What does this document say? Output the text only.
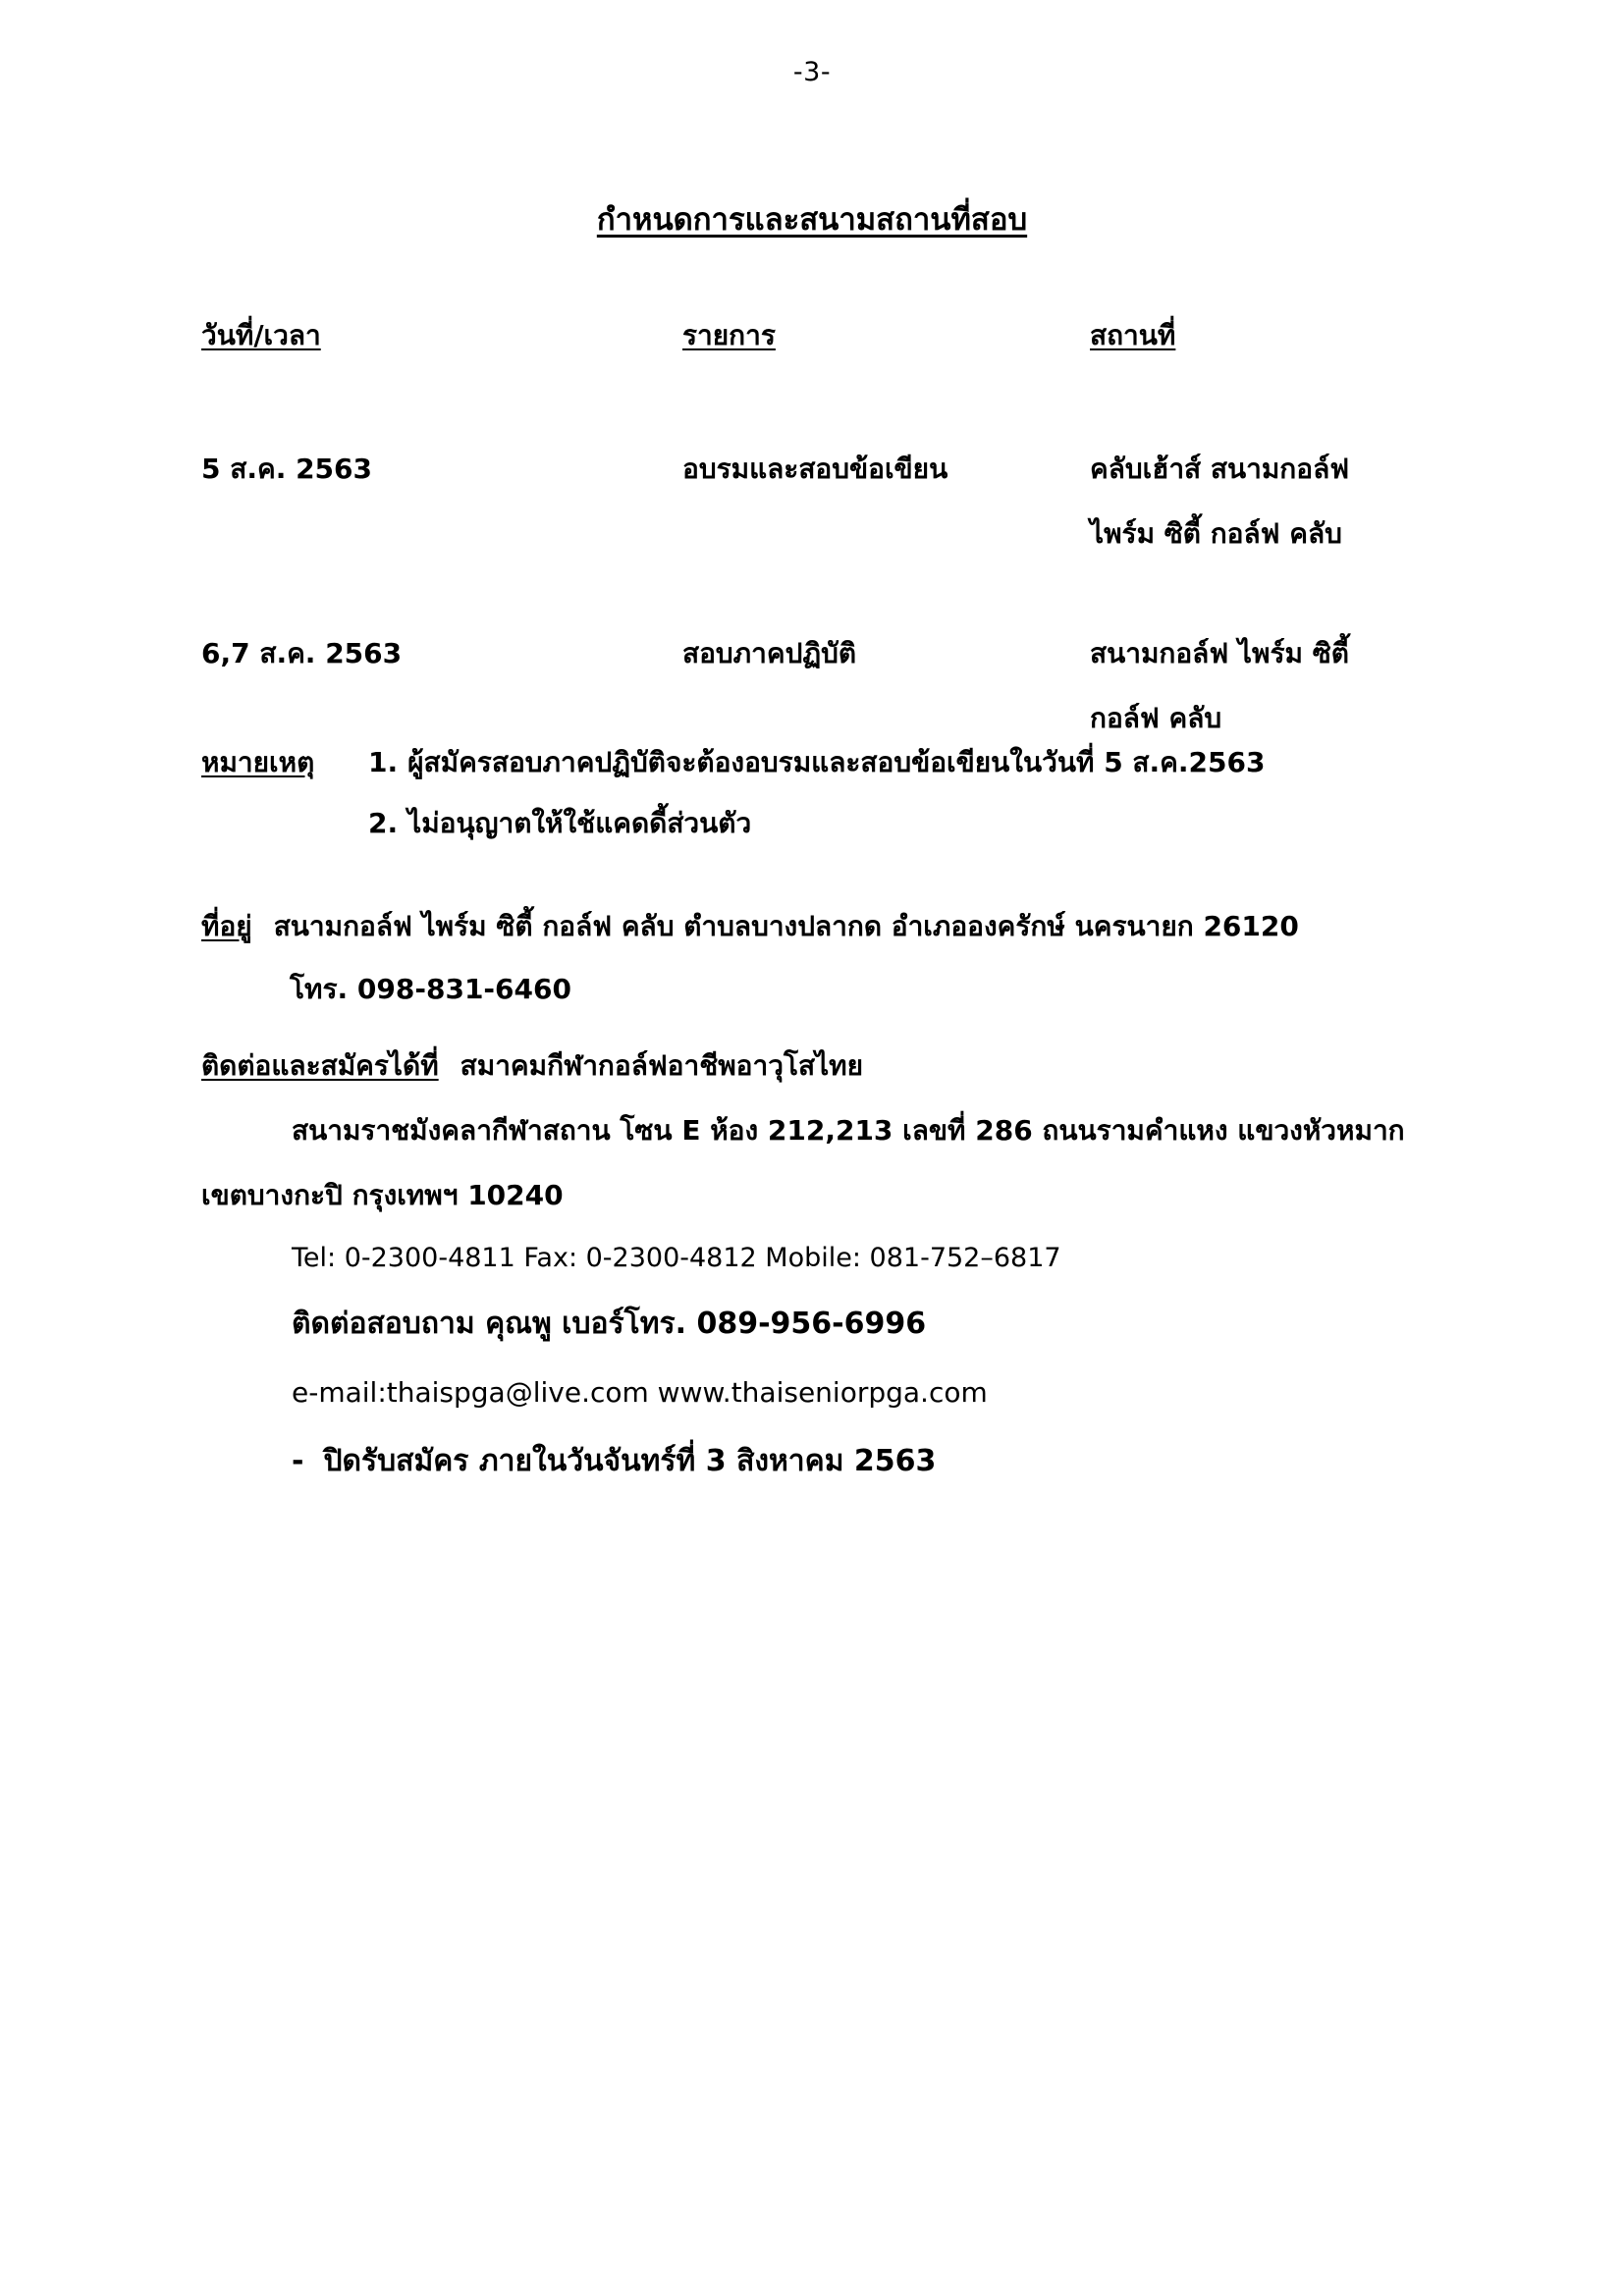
-3-
กำหนดการและสนามสถานที่สอบ
วันที่/เวลา	รายการ	สถานที่
5 ส.ค. 2563	อบรมและสอบข้อเขียน	คลับเฮ้าส์ สนามกอล์ฟ
ไพร์ม ซิตี้ กอล์ฟ คลับ
6,7 ส.ค. 2563	สอบภาคปฏิบัติ	สนามกอล์ฟ ไพร์ม ซิตี้
กอล์ฟ คลับ
หมายเหตุ	1. ผู้สมัครสอบภาคปฏิบัติจะต้องอบรมและสอบข้อเขียนในวันที่ 5 ส.ค.2563
2. ไม่อนุญาตให้ใช้แคดดี้ส่วนตัว
ที่อยู่ สนามกอล์ฟ ไพร์ม ซิตี้ กอล์ฟ คลับ ตำบลบางปลากด อำเภอองครักษ์ นครนายก 26120
โทร. 098-831-6460
ติดต่อและสมัครได้ที่ สมาคมกีฬากอล์ฟอาชีพอาวุโสไทย
สนามราชมังคลากีฬาสถาน โซน E ห้อง 212,213 เลขที่ 286 ถนนรามคำแหง แขวงหัวหมาก
เขตบางกะปิ กรุงเทพฯ 10240
Tel: 0-2300-4811 Fax: 0-2300-4812 Mobile: 081-752–6817
ติดต่อสอบถาม คุณพู เบอร์โทร. 089-956-6996
e-mail:thaispga@live.com www.thaiseniorpga.com
- ปิดรับสมัคร ภายในวันจันทร์ที่ 3 สิงหาคม 2563
